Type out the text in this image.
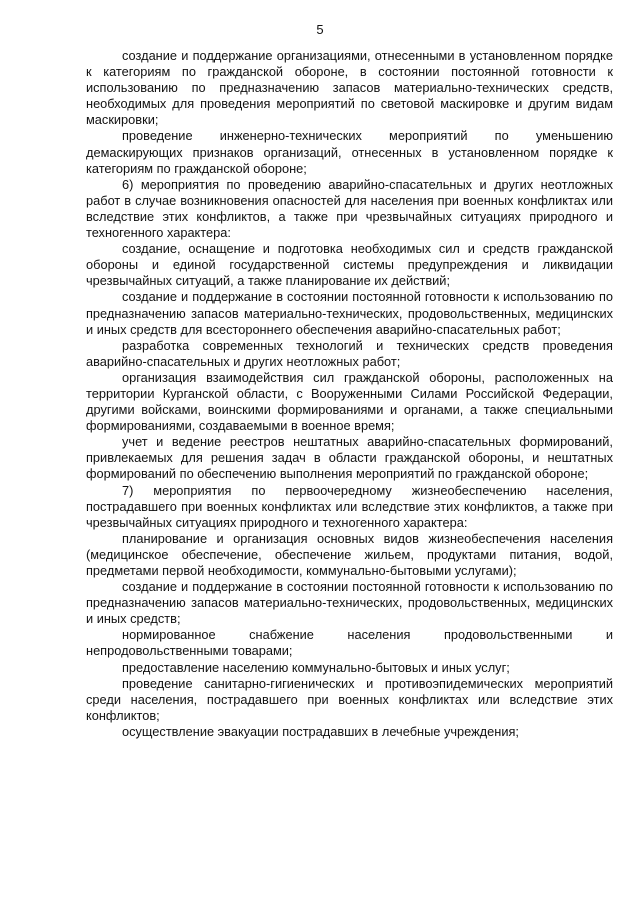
5

создание и поддержание организациями, отнесенными в установленном порядке к категориям по гражданской обороне, в состоянии постоянной готовности к использованию по предназначению запасов материально-технических средств, необходимых для проведения мероприятий по световой маскировке и другим видам маскировки;

проведение инженерно-технических мероприятий по уменьшению демаскирующих признаков организаций, отнесенных в установленном порядке к категориям по гражданской обороне;

6) мероприятия по проведению аварийно-спасательных и других неотложных работ в случае возникновения опасностей для населения при военных конфликтах или вследствие этих конфликтов, а также при чрезвычайных ситуациях природного и техногенного характера:

создание, оснащение и подготовка необходимых сил и средств гражданской обороны и единой государственной системы предупреждения и ликвидации чрезвычайных ситуаций, а также планирование их действий;

создание и поддержание в состоянии постоянной готовности к использованию по предназначению запасов материально-технических, продовольственных, медицинских и иных средств для всестороннего обеспечения аварийно-спасательных работ;

разработка современных технологий и технических средств проведения аварийно-спасательных и других неотложных работ;

организация взаимодействия сил гражданской обороны, расположенных на территории Курганской области, с Вооруженными Силами Российской Федерации, другими войсками, воинскими формированиями и органами, а также специальными формированиями, создаваемыми в военное время;

учет и ведение реестров нештатных аварийно-спасательных формирований, привлекаемых для решения задач в области гражданской обороны, и нештатных формирований по обеспечению выполнения мероприятий по гражданской обороне;

7) мероприятия по первоочередному жизнеобеспечению населения, пострадавшего при военных конфликтах или вследствие этих конфликтов, а также при чрезвычайных ситуациях природного и техногенного характера:

планирование и организация основных видов жизнеобеспечения населения (медицинское обеспечение, обеспечение жильем, продуктами питания, водой, предметами первой необходимости, коммунально-бытовыми услугами);

создание и поддержание в состоянии постоянной готовности к использованию по предназначению запасов материально-технических, продовольственных, медицинских и иных средств;

нормированное снабжение населения продовольственными и непродовольственными товарами;

предоставление населению коммунально-бытовых и иных услуг;

проведение санитарно-гигиенических и противоэпидемических мероприятий среди населения, пострадавшего при военных конфликтах или вследствие этих конфликтов;

осуществление эвакуации пострадавших в лечебные учреждения;
